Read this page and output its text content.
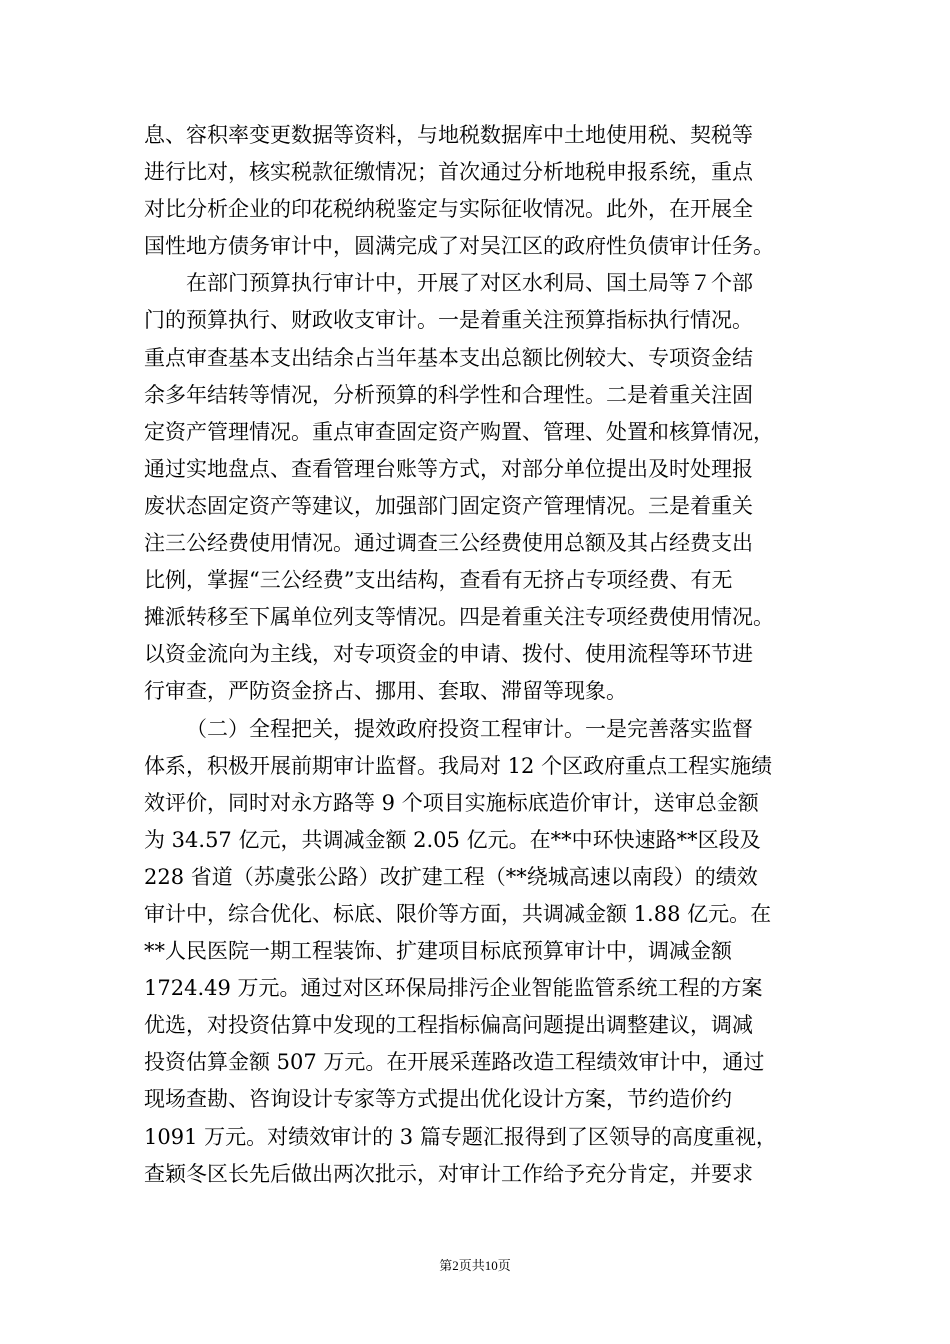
息、容积率变更数据等资料，与地税数据库中土地使用税、契税等
进行比对，核实税款征缴情况；首次通过分析地税申报系统，重点
对比分析企业的印花税纳税鉴定与实际征收情况。此外，在开展全
国性地方债务审计中，圆满完成了对吴江区的政府性负债审计任务。
在部门预算执行审计中，开展了对区水利局、国土局等７个部
门的预算执行、财政收支审计。一是着重关注预算指标执行情况。
重点审查基本支出结余占当年基本支出总额比例较大、专项资金结
余多年结转等情况，分析预算的科学性和合理性。二是着重关注固
定资产管理情况。重点审查固定资产购置、管理、处置和核算情况，
通过实地盘点、查看管理台账等方式，对部分单位提出及时处理报
废状态固定资产等建议，加强部门固定资产管理情况。三是着重关
注三公经费使用情况。通过调查三公经费使用总额及其占经费支出
比例，掌握“三公经费”支出结构，查看有无挤占专项经费、有无
摊派转移至下属单位列支等情况。四是着重关注专项经费使用情况。
以资金流向为主线，对专项资金的申请、拨付、使用流程等环节进
行审查，严防资金挤占、挪用、套取、滞留等现象。
（二）全程把关，提效政府投资工程审计。一是完善落实监督
体系，积极开展前期审计监督。我局对 12 个区政府重点工程实施绩
效评价，同时对永方路等 9 个项目实施标底造价审计，送审总金额
为 34.57 亿元，共调减金额 2.05 亿元。在**中环快速路**区段及
228 省道（苏虞张公路）改扩建工程（**绕城高速以南段）的绩效
审计中，综合优化、标底、限价等方面，共调减金额 1.88 亿元。在
**人民医院一期工程装饰、扩建项目标底预算审计中，调减金额
1724.49 万元。通过对区环保局排污企业智能监管系统工程的方案
优选，对投资估算中发现的工程指标偏高问题提出调整建议，调减
投资估算金额 507 万元。在开展采莲路改造工程绩效审计中，通过
现场查勘、咨询设计专家等方式提出优化设计方案，节约造价约
1091 万元。对绩效审计的 3 篇专题汇报得到了区领导的高度重视，
查颖冬区长先后做出两次批示，对审计工作给予充分肯定，并要求
第2页共10页
